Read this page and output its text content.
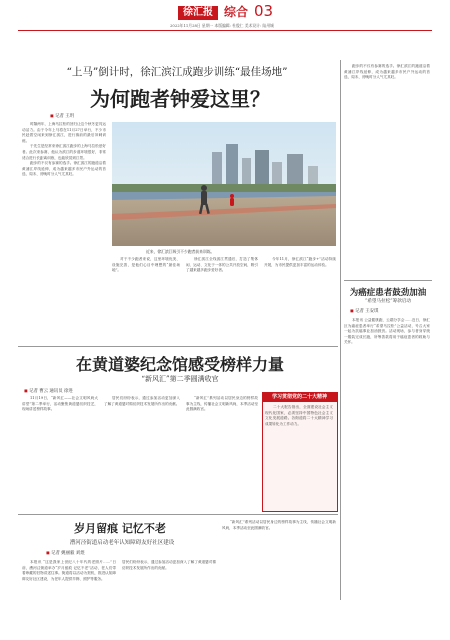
徐汇报 综合 03
2022年11月28日 星期一 本版编辑: 杜俊仁 美术设计: 陆卅城
“上马”倒计时，徐汇滨江成跑步训练“最佳场地”
为何跑者钟爱这里？
◼ 记者 王玥

时隔两年，上海马拉松的回归让这个秋冬更具运动活力。由于今年上马将在11月27日举行，不少市民趁着空闲来到徐汇滨江，进行赛前的最后冲刺训练。

于先生是经常来徐汇滨江跑步的上海马拉松爱好者。此次来参赛，他认为滨江的步道环境很好，非常适合进行长距离训练，也能欣赏到江景。

跑步的不仅有参赛的选手。徐汇滨江的跑道沿着黄浦江岸线延伸，成为越来越多市民户外运动的首选，周末、傍晚时分人气尤其旺。

近来，徐汇滨江吸引不少跑者前来训练。

对于不少跑者来说，这里环境优美、设施完善，是他们心目中理想的“最佳场地”。

徐汇滨江全线滨江贯通后，打造了集休闲、运动、文化于一体的公共开放空间，吸引了越来越多跑步爱好者。

今年11月，徐汇滨江“跑步+”活动持续开展，为市民提供更加丰富的运动体验。

跑步的不仅有参赛的选手。徐汇滨江的跑道沿着黄浦江岸线延伸，成为越来越多市民户外运动的首选，周末、傍晚时分人气尤其旺。

在黄道婆纪念馆感受榜样力量
“新风汇”第二季圆满收官
◼ 记者 曹云 通讯员 徐进

11月19日，“新风汇——社会文明风尚大讲堂”第二季举行，活动聚焦黄道婆纺织技艺，现场讲述榜样故事。

居民们纷纷表示，通过参加活动更加深入了解了黄道婆对棉纺织技术发展所作出的贡献。

“新风汇”系列活动以居民身边的榜样故事为主线，传播社会文明新风尚，本季活动至此圆满收官。

学习贯彻党的二十大精神

二十大报告指出，全面建设社会主义现代化国家，必须坚持中国特色社会主义文化发展道路。各街道将二十大精神学习成果转化为工作动力。

岁月留痕 记忆不老
漕河泾街道启动老年认知障碍友好社区建设
◼ 记者 姚丽毅 刘煜

本报讯 “这是我家上世纪八十年代的老照片……”日前，漕河泾街道举办“岁月留痕 记忆不老”活动，老人们带着珍藏的旧物讲述往事。街道将以活动为契机，推进认知障碍友好社区建设，为老年人提供早筛、照护等服务。

居民们纷纷表示，通过参加活动更加深入了解了黄道婆对棉纺织技术发展所作出的贡献。

“新风汇”系列活动以居民身边的榜样故事为主线，传播社会文明新风尚，本季活动至此圆满收官。

为癌症患者鼓劲加油
“希望马拉松”筹款启动
◼ 记者 王安琪

本报讯 公益健康跑、云端分享会……近日，徐汇区为癌症患者举行“希望马拉松”公益活动，号召大家一起为抗癌事业加油鼓劲。活动现场，参与者身穿统一服装完成长跑，所筹善款将用于癌症患者的救助与关怀。
